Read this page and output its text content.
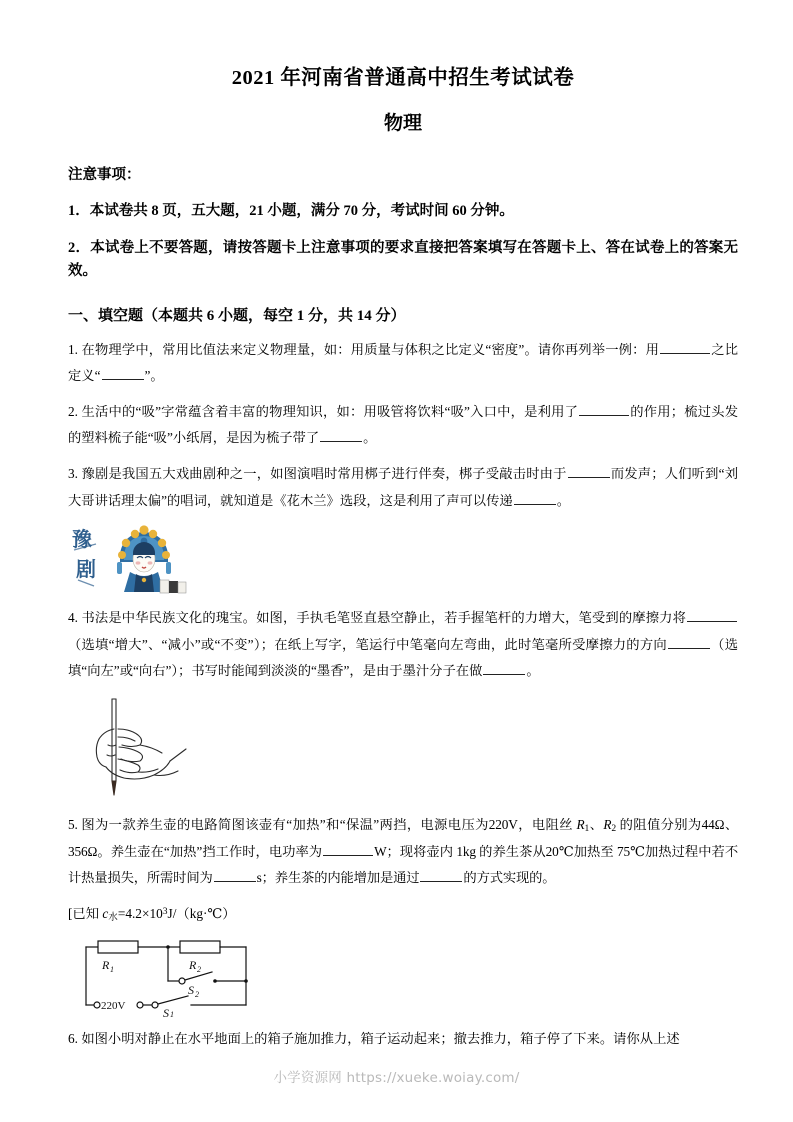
2021 年河南省普通高中招生考试试卷
物理
注意事项：
1．本试卷共 8 页，五大题，21 小题，满分 70 分，考试时间 60 分钟。
2．本试卷上不要答题，请按答题卡上注意事项的要求直接把答案填写在答题卡上、答在试卷上的答案无效。
一、填空题（本题共 6 小题，每空 1 分，共 14 分）
1. 在物理学中，常用比值法来定义物理量，如：用质量与体积之比定义“密度”。请你再列举一例：用	之比定义“	”。
2. 生活中的“吸”字常蕴含着丰富的物理知识，如：用吸管将饮料“吸”入口中，是利用了	的作用；梳过头发的塑料梳子能“吸”小纸屑，是因为梳子带了	。
3. 豫剧是我国五大戏曲剧种之一，如图演唱时常用梆子进行伴奏，梆子受敲击时由于	而发声；人们听到“刘大哥讲话理太偏”的唱词，就知道是《花木兰》选段，这是利用了声可以传递	。
豫
剧
4. 书法是中华民族文化的瑰宝。如图，手执毛笔竖直悬空静止，若手握笔杆的力增大，笔受到的摩擦力将（选填“增大”、“减小”或“不变”）；在纸上写字，笔运行中笔毫向左弯曲，此时笔毫所受摩擦力的方向	（选填“向左”或“向右”）；书写时能闻到淡淡的“墨香”，是由于墨汁分子在做	。
5. 图为一款养生壶的电路简图该壶有“加热”和“保温”两挡，电源电压为220V，电阻丝 $R_1$、$R_2$ 的阻值分别为44Ω、356Ω。养生壶在“加热”挡工作时，电功率为	W；现将壶内 1kg 的养生茶从20℃加热至 75℃加热过程中若不计热量损失，所需时间为	s；养生茶的内能增加是通过	的方式实现的。
[已知 $c_水=4.2\times 10^3J/(kg\cdot℃)$
R 1	R 2
S 2
S 1
220V
6. 如图小明对静止在水平地面上的箱子施加推力，箱子运动起来；撤去推力，箱子停了下来。请你从上述
小学资源网 https://xueke.woiay.com/
